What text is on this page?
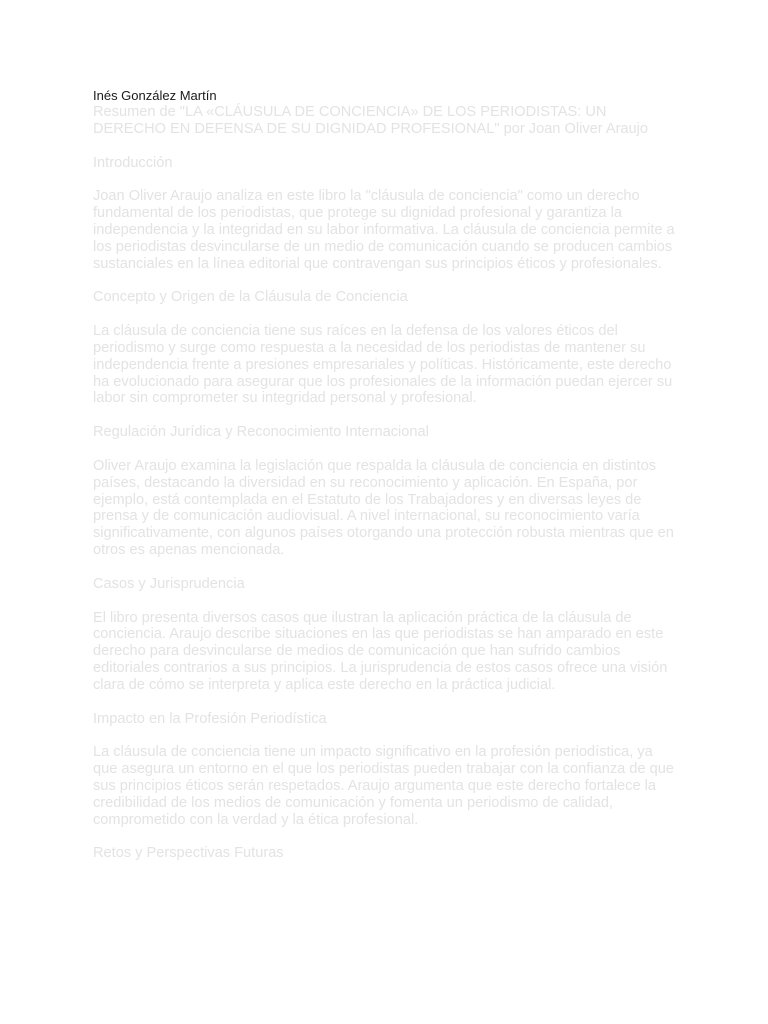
Inés González Martín

Resumen de "LA «CLÁUSULA DE CONCIENCIA» DE LOS PERIODISTAS: UN DERECHO EN DEFENSA DE SU DIGNIDAD PROFESIONAL" por Joan Oliver Araujo

Introducción

Joan Oliver Araujo analiza en este libro la "cláusula de conciencia" como un derecho fundamental de los periodistas, que protege su dignidad profesional y garantiza la independencia y la integridad en su labor informativa. La cláusula de conciencia permite a los periodistas desvincularse de un medio de comunicación cuando se producen cambios sustanciales en la línea editorial que contravengan sus principios éticos y profesionales.

Concepto y Origen de la Cláusula de Conciencia

La cláusula de conciencia tiene sus raíces en la defensa de los valores éticos del periodismo y surge como respuesta a la necesidad de los periodistas de mantener su independencia frente a presiones empresariales y políticas. Históricamente, este derecho ha evolucionado para asegurar que los profesionales de la información puedan ejercer su labor sin comprometer su integridad personal y profesional.

Regulación Jurídica y Reconocimiento Internacional

Oliver Araujo examina la legislación que respalda la cláusula de conciencia en distintos países, destacando la diversidad en su reconocimiento y aplicación. En España, por ejemplo, está contemplada en el Estatuto de los Trabajadores y en diversas leyes de prensa y de comunicación audiovisual. A nivel internacional, su reconocimiento varía significativamente, con algunos países otorgando una protección robusta mientras que en otros es apenas mencionada.

Casos y Jurisprudencia

El libro presenta diversos casos que ilustran la aplicación práctica de la cláusula de conciencia. Araujo describe situaciones en las que periodistas se han amparado en este derecho para desvincularse de medios de comunicación que han sufrido cambios editoriales contrarios a sus principios. La jurisprudencia de estos casos ofrece una visión clara de cómo se interpreta y aplica este derecho en la práctica judicial.

Impacto en la Profesión Periodística

La cláusula de conciencia tiene un impacto significativo en la profesión periodística, ya que asegura un entorno en el que los periodistas pueden trabajar con la confianza de que sus principios éticos serán respetados. Araujo argumenta que este derecho fortalece la credibilidad de los medios de comunicación y fomenta un periodismo de calidad, comprometido con la verdad y la ética profesional.

Retos y Perspectivas Futuras
